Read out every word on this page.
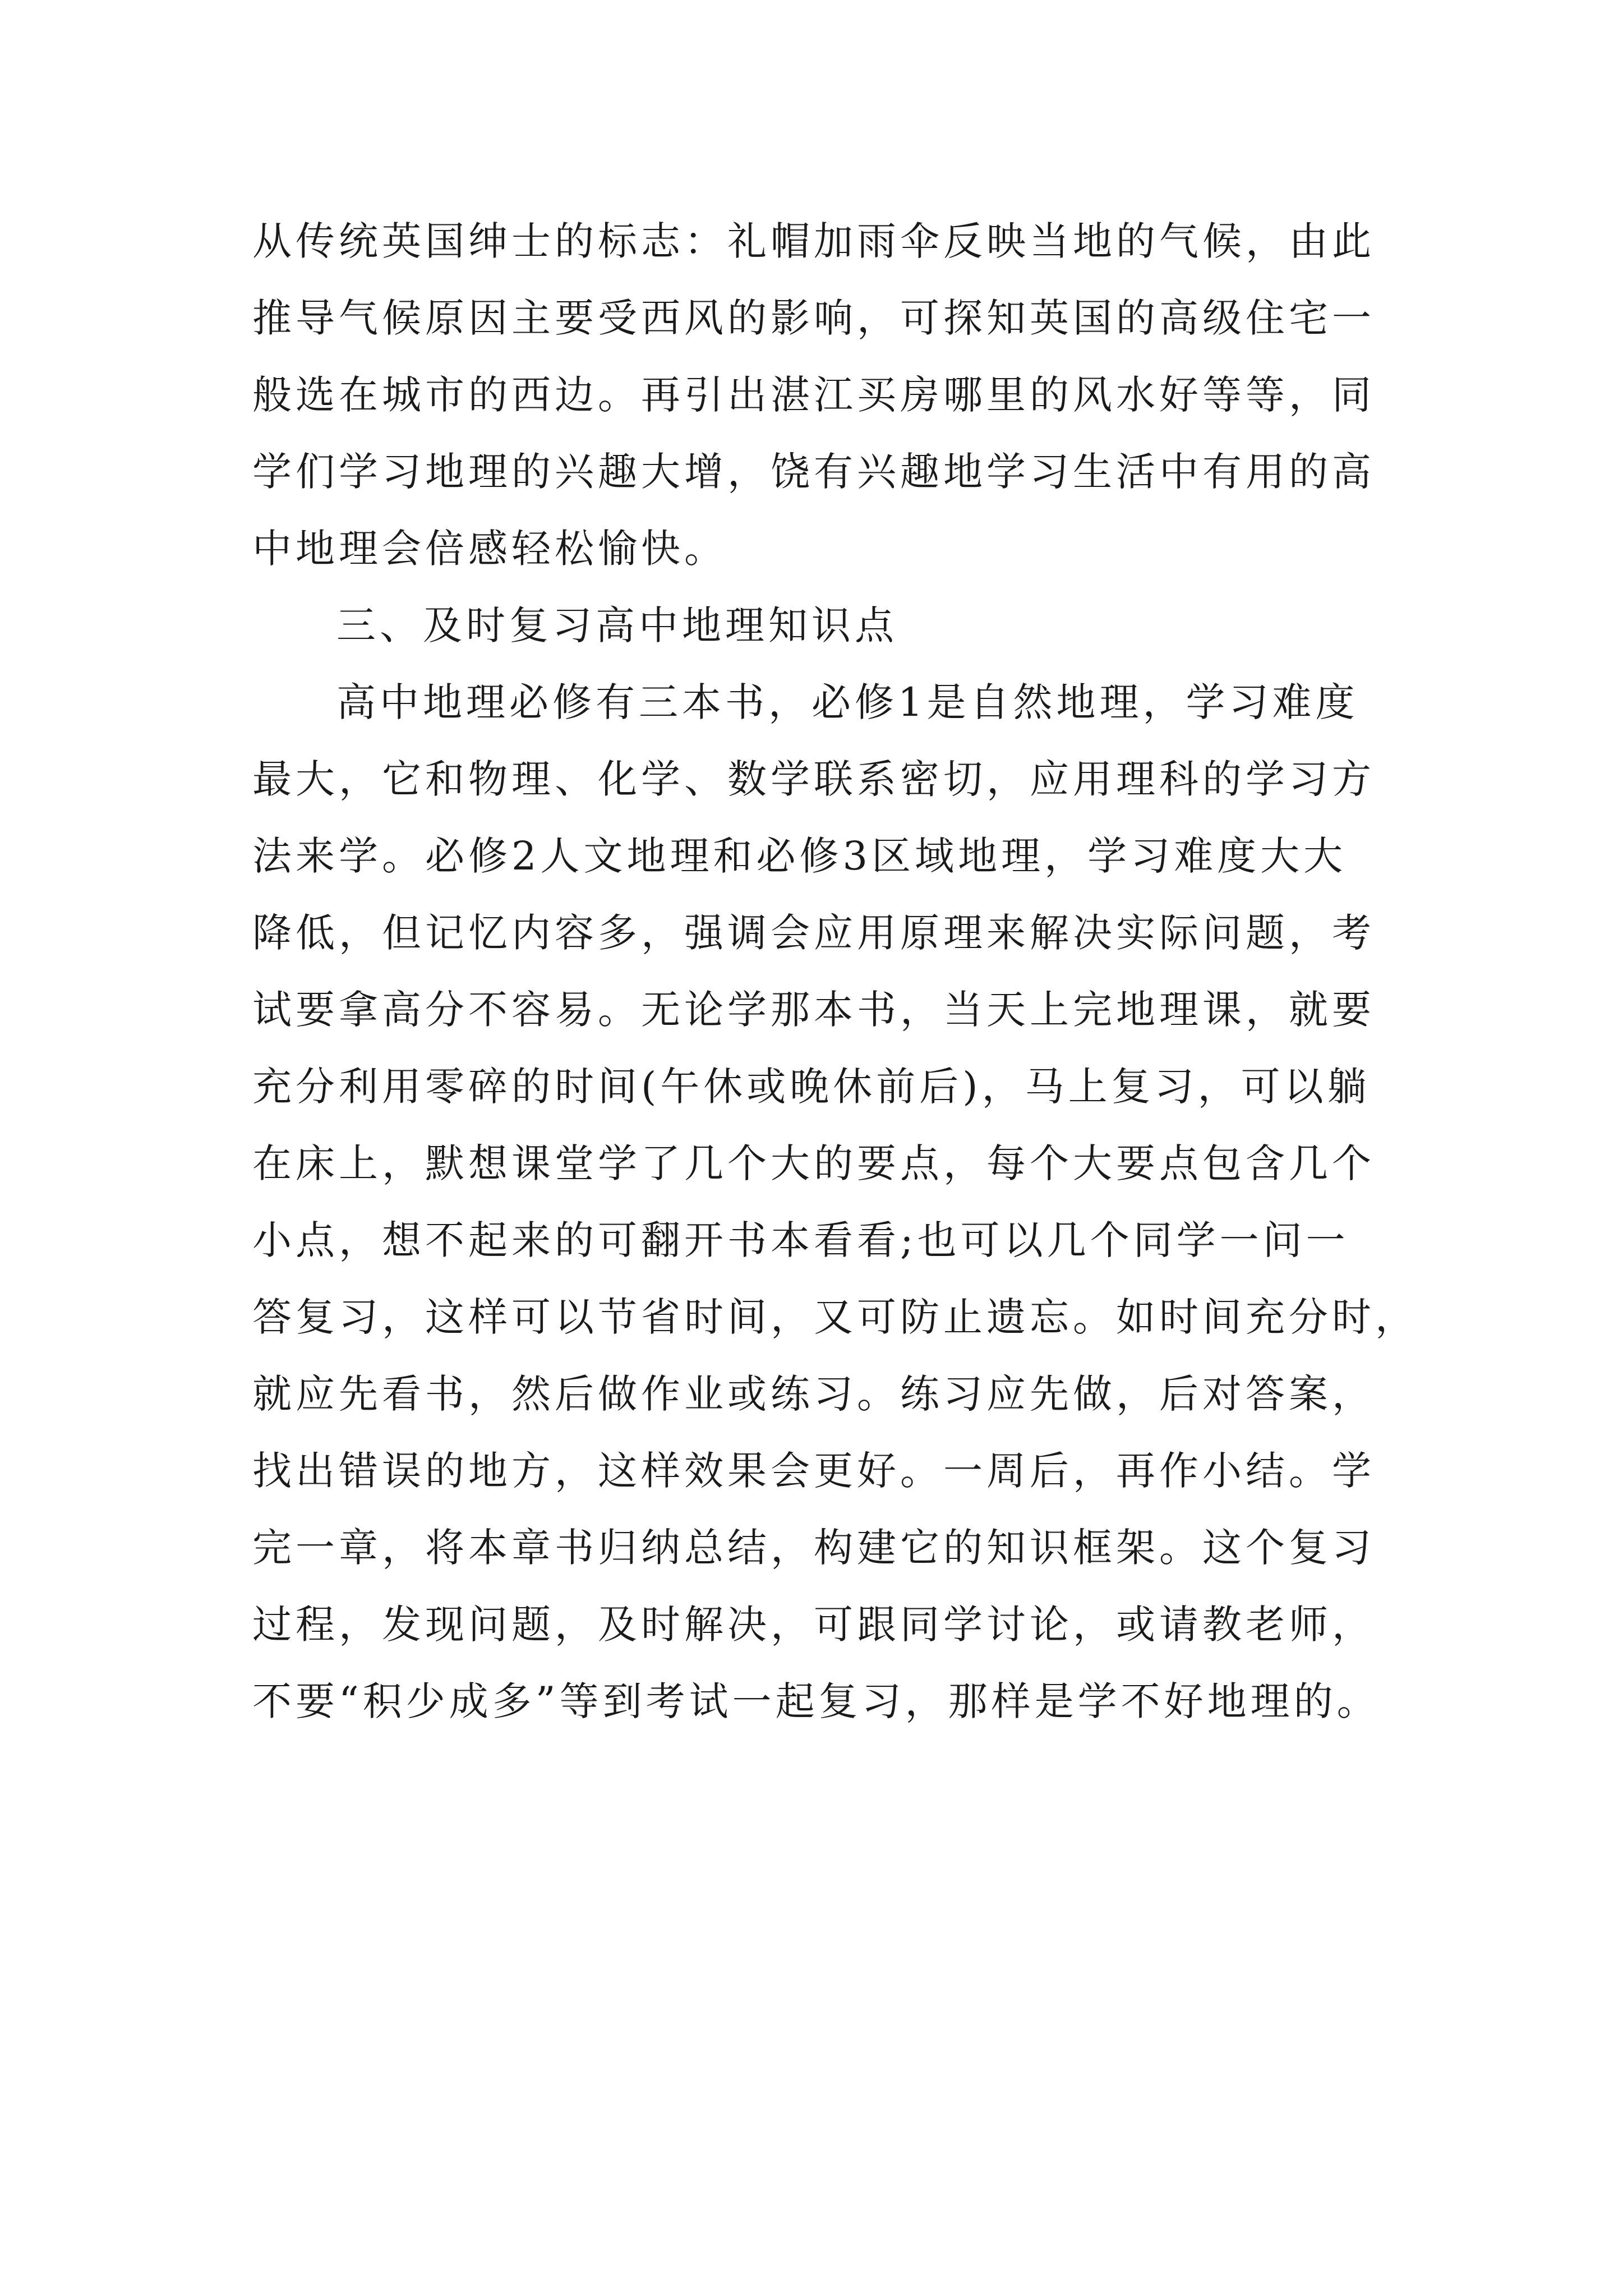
从传统英国绅士的标志：礼帽加雨伞反映当地的气候，由此
推导气候原因主要受西风的影响，可探知英国的高级住宅一
般选在城市的西边。再引出湛江买房哪里的风水好等等，同
学们学习地理的兴趣大增，饶有兴趣地学习生活中有用的高
中地理会倍感轻松愉快。
三、及时复习高中地理知识点
高中地理必修有三本书，必修1是自然地理，学习难度
最大，它和物理、化学、数学联系密切，应用理科的学习方
法来学。必修2人文地理和必修3区域地理，学习难度大大
降低，但记忆内容多，强调会应用原理来解决实际问题，考
试要拿高分不容易。无论学那本书，当天上完地理课，就要
充分利用零碎的时间(午休或晚休前后)，马上复习，可以躺
在床上，默想课堂学了几个大的要点，每个大要点包含几个
小点，想不起来的可翻开书本看看;也可以几个同学一问一
答复习，这样可以节省时间，又可防止遗忘。如时间充分时，
就应先看书，然后做作业或练习。练习应先做，后对答案，
找出错误的地方，这样效果会更好。一周后，再作小结。学
完一章，将本章书归纳总结，构建它的知识框架。这个复习
过程，发现问题，及时解决，可跟同学讨论，或请教老师，
不要“积少成多”等到考试一起复习，那样是学不好地理的。
